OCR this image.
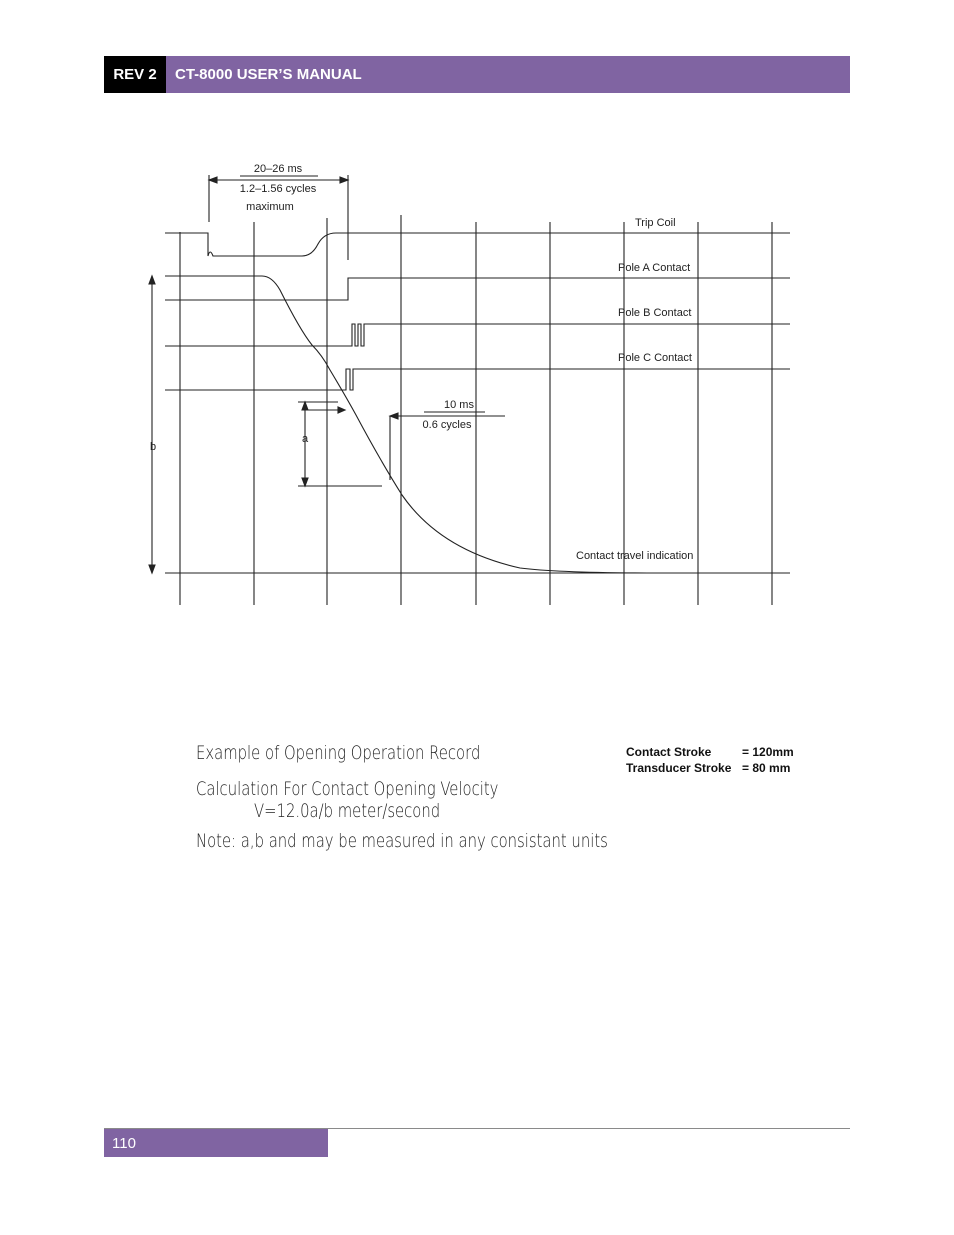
REV 2	CT-8000 USER’S MANUAL
20–26 ms
1.2–1.56 cycles
maximum
Trip Coil
Pole A Contact
Pole B Contact
Pole C Contact
Contact travel indication
10 ms
0.6 cycles
a
b
Example of Opening Operation Record
Calculation For Contact Opening Velocity
V=12.0a/b meter/second
Note: a,b and may be measured in any consistant units
Contact Stroke	= 120mm
Transducer Stroke = 80 mm
110
